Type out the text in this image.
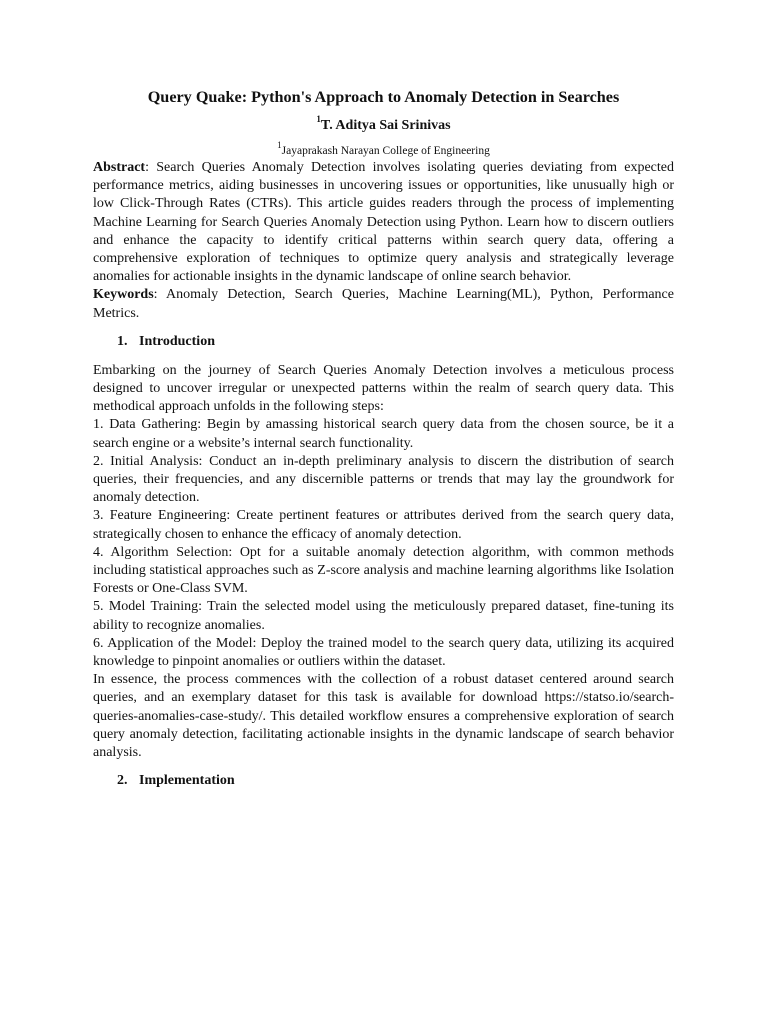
Query Quake: Python's Approach to Anomaly Detection in Searches
$^1$T. Aditya Sai Srinivas
$^1$Jayaprakash Narayan College of Engineering

Abstract: Search Queries Anomaly Detection involves isolating queries deviating from expected performance metrics, aiding businesses in uncovering issues or opportunities, like unusually high or low Click-Through Rates (CTRs). This article guides readers through the process of implementing Machine Learning for Search Queries Anomaly Detection using Python. Learn how to discern outliers and enhance the capacity to identify critical patterns within search query data, offering a comprehensive exploration of techniques to optimize query analysis and strategically leverage anomalies for actionable insights in the dynamic landscape of online search behavior.

Keywords: Anomaly Detection, Search Queries, Machine Learning(ML), Python, Performance Metrics.

1. Introduction

Embarking on the journey of Search Queries Anomaly Detection involves a meticulous process designed to uncover irregular or unexpected patterns within the realm of search query data. This methodical approach unfolds in the following steps:

1. Data Gathering: Begin by amassing historical search query data from the chosen source, be it a search engine or a website’s internal search functionality.

2. Initial Analysis: Conduct an in-depth preliminary analysis to discern the distribution of search queries, their frequencies, and any discernible patterns or trends that may lay the groundwork for anomaly detection.

3. Feature Engineering: Create pertinent features or attributes derived from the search query data, strategically chosen to enhance the efficacy of anomaly detection.

4. Algorithm Selection: Opt for a suitable anomaly detection algorithm, with common methods including statistical approaches such as Z-score analysis and machine learning algorithms like Isolation Forests or One-Class SVM.

5. Model Training: Train the selected model using the meticulously prepared dataset, fine-tuning its ability to recognize anomalies.

6. Application of the Model: Deploy the trained model to the search query data, utilizing its acquired knowledge to pinpoint anomalies or outliers within the dataset.

In essence, the process commences with the collection of a robust dataset centered around search queries, and an exemplary dataset for this task is available for download https://statso.io/search-queries-anomalies-case-study/. This detailed workflow ensures a comprehensive exploration of search query anomaly detection, facilitating actionable insights in the dynamic landscape of search behavior analysis.

2. Implementation
